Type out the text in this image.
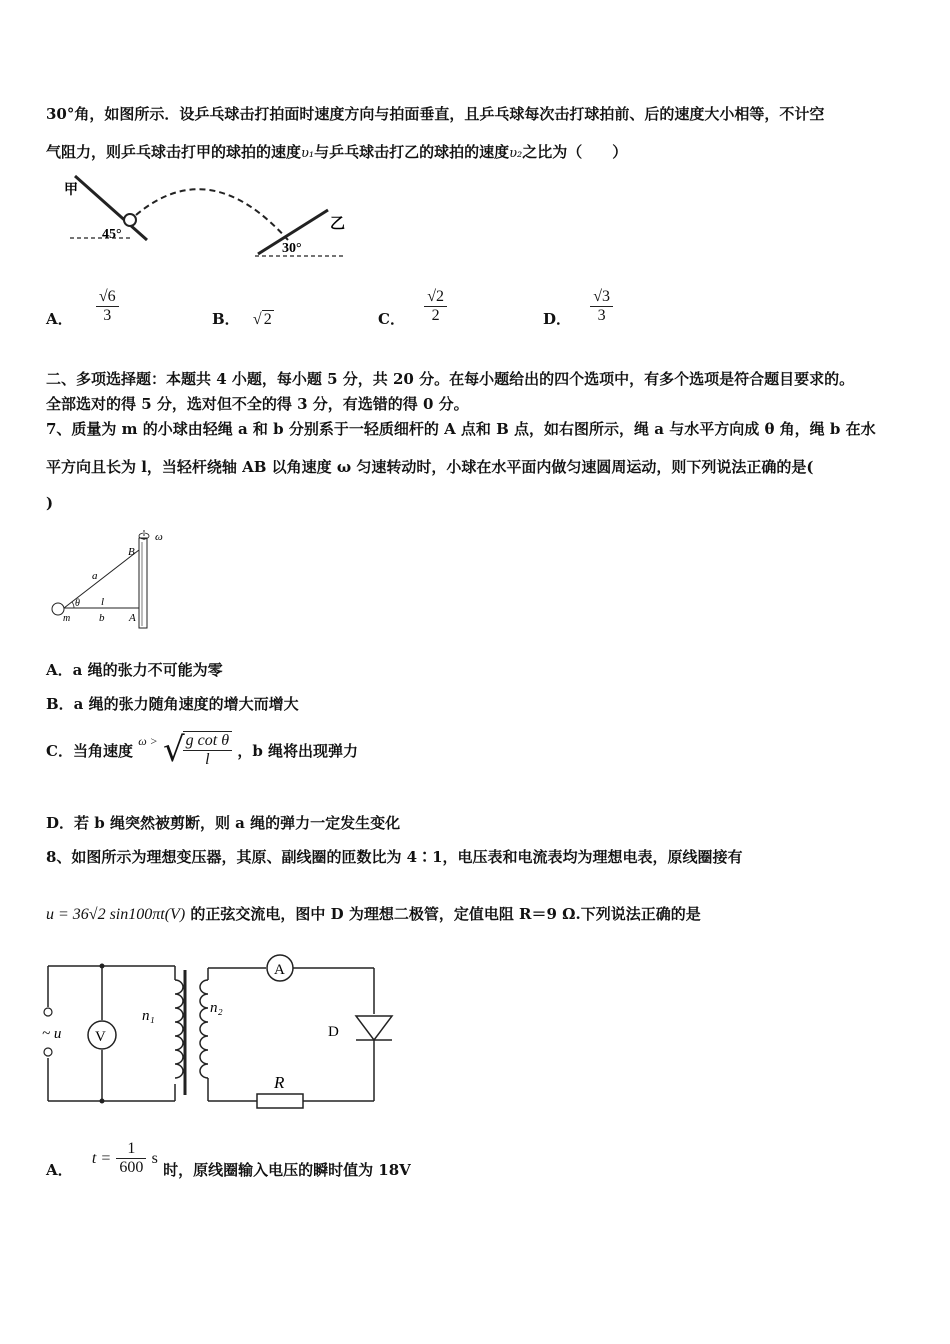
30°角，如图所示．设乒乓球击打拍面时速度方向与拍面垂直，且乒乓球每次击打球拍前、后的速度大小相等，不计空
气阻力，则乒乓球击打甲的球拍的速度υ₁与乒乓球击打乙的球拍的速度υ₂之比为（　　）
甲
乙
45°
30°
A． $\frac{√6}{3}$	B． √ 2	C． $\frac{√2}{2}$	D． $\frac{√3}{3}$
二、多项选择题：本题共 4 小题，每小题 5 分，共 20 分。在每小题给出的四个选项中，有多个选项是符合题目要求的。
全部选对的得 5 分，选对但不全的得 3 分，有选错的得 0 分。
7、质量为 m 的小球由轻绳 a 和 b 分别系于一轻质细杆的 A 点和 B 点，如右图所示，绳 a 与水平方向成 θ 角，绳 b 在水
平方向且长为 l，当轻杆绕轴 AB 以角速度 ω 匀速转动时，小球在水平面内做匀速圆周运动，则下列说法正确的是(
)
ω
B
a
θ l
m	b A
A．a 绳的张力不可能为零
B．a 绳的张力随角速度的增大而增大
C．当角速度 ω > √
$\frac{\text{g cot θ}}{l}$ ，b 绳将出现弹力
D．若 b 绳突然被剪断，则 a 绳的弹力一定发生变化
8、如图所示为理想变压器，其原、副线圈的匝数比为 4∶1，电压表和电流表均为理想电表，原线圈接有
u = 36√2 sin100πt(V) 的正弦交流电，图中 D 为理想二极管，定值电阻 R＝9 Ω.下列说法正确的是
A
V
~ u
n₁	n₂
D
R
A． $t = \frac{1}{600}$ s 时，原线圈输入电压的瞬时值为 18V
